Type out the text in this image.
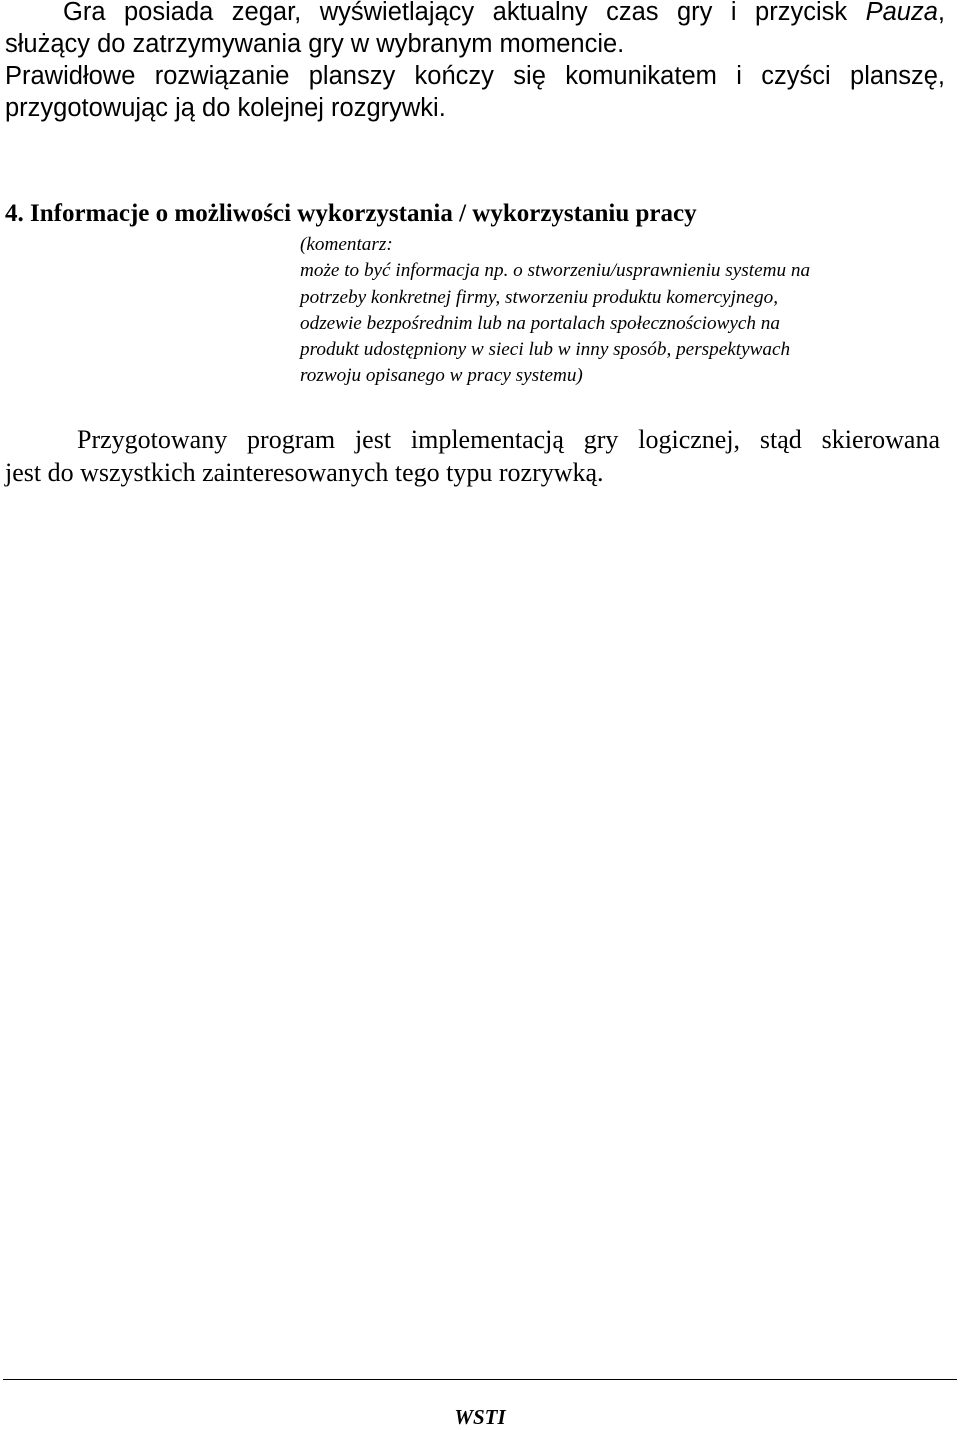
Gra posiada zegar, wyświetlający aktualny czas gry i przycisk Pauza,
służący do zatrzymywania gry w wybranym momencie.
Prawidłowe rozwiązanie planszy kończy się komunikatem i czyści planszę,
przygotowując ją do kolejnej rozgrywki.
4. Informacje o możliwości wykorzystania / wykorzystaniu pracy
(komentarz:
może to być informacja np. o stworzeniu/usprawnieniu systemu na
potrzeby konkretnej firmy, stworzeniu produktu komercyjnego,
odzewie bezpośrednim lub na portalach społecznościowych na
produkt udostępniony w sieci lub w inny sposób, perspektywach
rozwoju opisanego w pracy systemu)
Przygotowany program jest implementacją gry logicznej, stąd skierowana
jest do wszystkich zainteresowanych tego typu rozrywką.

WSTI
